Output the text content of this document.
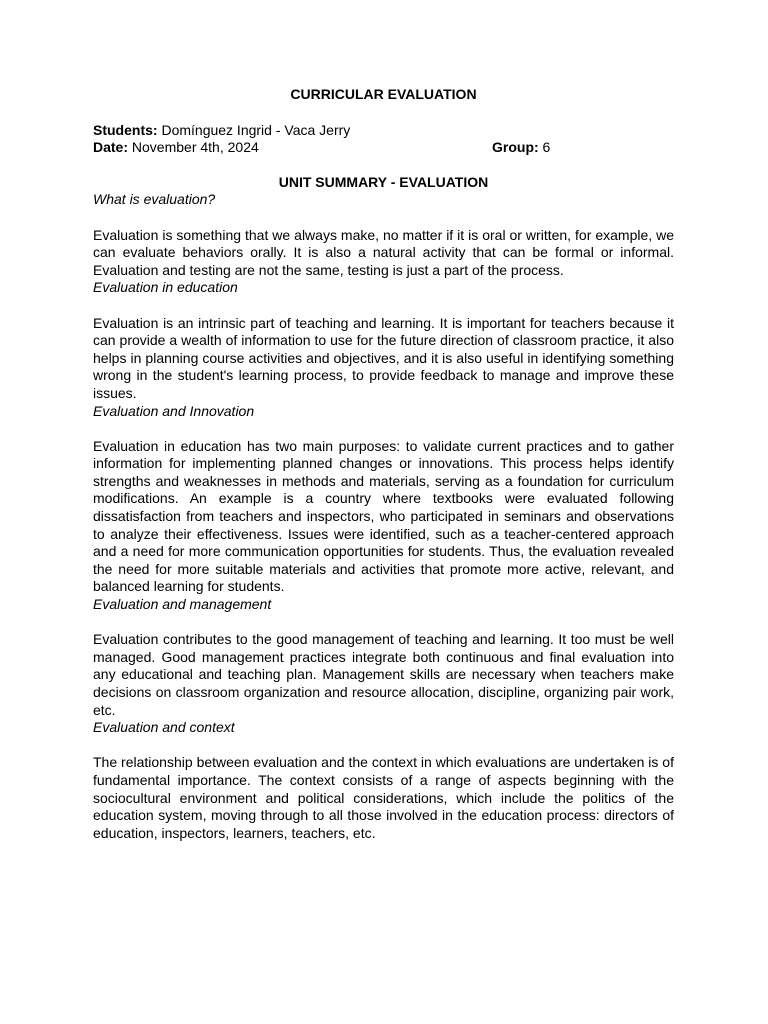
CURRICULAR EVALUATION
Students: Domínguez Ingrid - Vaca Jerry
Date: November 4th, 2024	Group: 6
UNIT SUMMARY - EVALUATION

What is evaluation?

Evaluation is something that we always make, no matter if it is oral or written, for example, we can evaluate behaviors orally. It is also a natural activity that can be formal or informal. Evaluation and testing are not the same, testing is just a part of the process.

Evaluation in education

Evaluation is an intrinsic part of teaching and learning. It is important for teachers because it can provide a wealth of information to use for the future direction of classroom practice, it also helps in planning course activities and objectives, and it is also useful in identifying something wrong in the student's learning process, to provide feedback to manage and improve these issues.

Evaluation and Innovation

Evaluation in education has two main purposes: to validate current practices and to gather information for implementing planned changes or innovations. This process helps identify strengths and weaknesses in methods and materials, serving as a foundation for curriculum modifications. An example is a country where textbooks were evaluated following dissatisfaction from teachers and inspectors, who participated in seminars and observations to analyze their effectiveness. Issues were identified, such as a teacher-centered approach and a need for more communication opportunities for students. Thus, the evaluation revealed the need for more suitable materials and activities that promote more active, relevant, and balanced learning for students.

Evaluation and management

Evaluation contributes to the good management of teaching and learning. It too must be well managed. Good management practices integrate both continuous and final evaluation into any educational and teaching plan. Management skills are necessary when teachers make decisions on classroom organization and resource allocation, discipline, organizing pair work, etc.

Evaluation and context

The relationship between evaluation and the context in which evaluations are undertaken is of fundamental importance. The context consists of a range of aspects beginning with the sociocultural environment and political considerations, which include the politics of the education system, moving through to all those involved in the education process: directors of education, inspectors, learners, teachers, etc.
